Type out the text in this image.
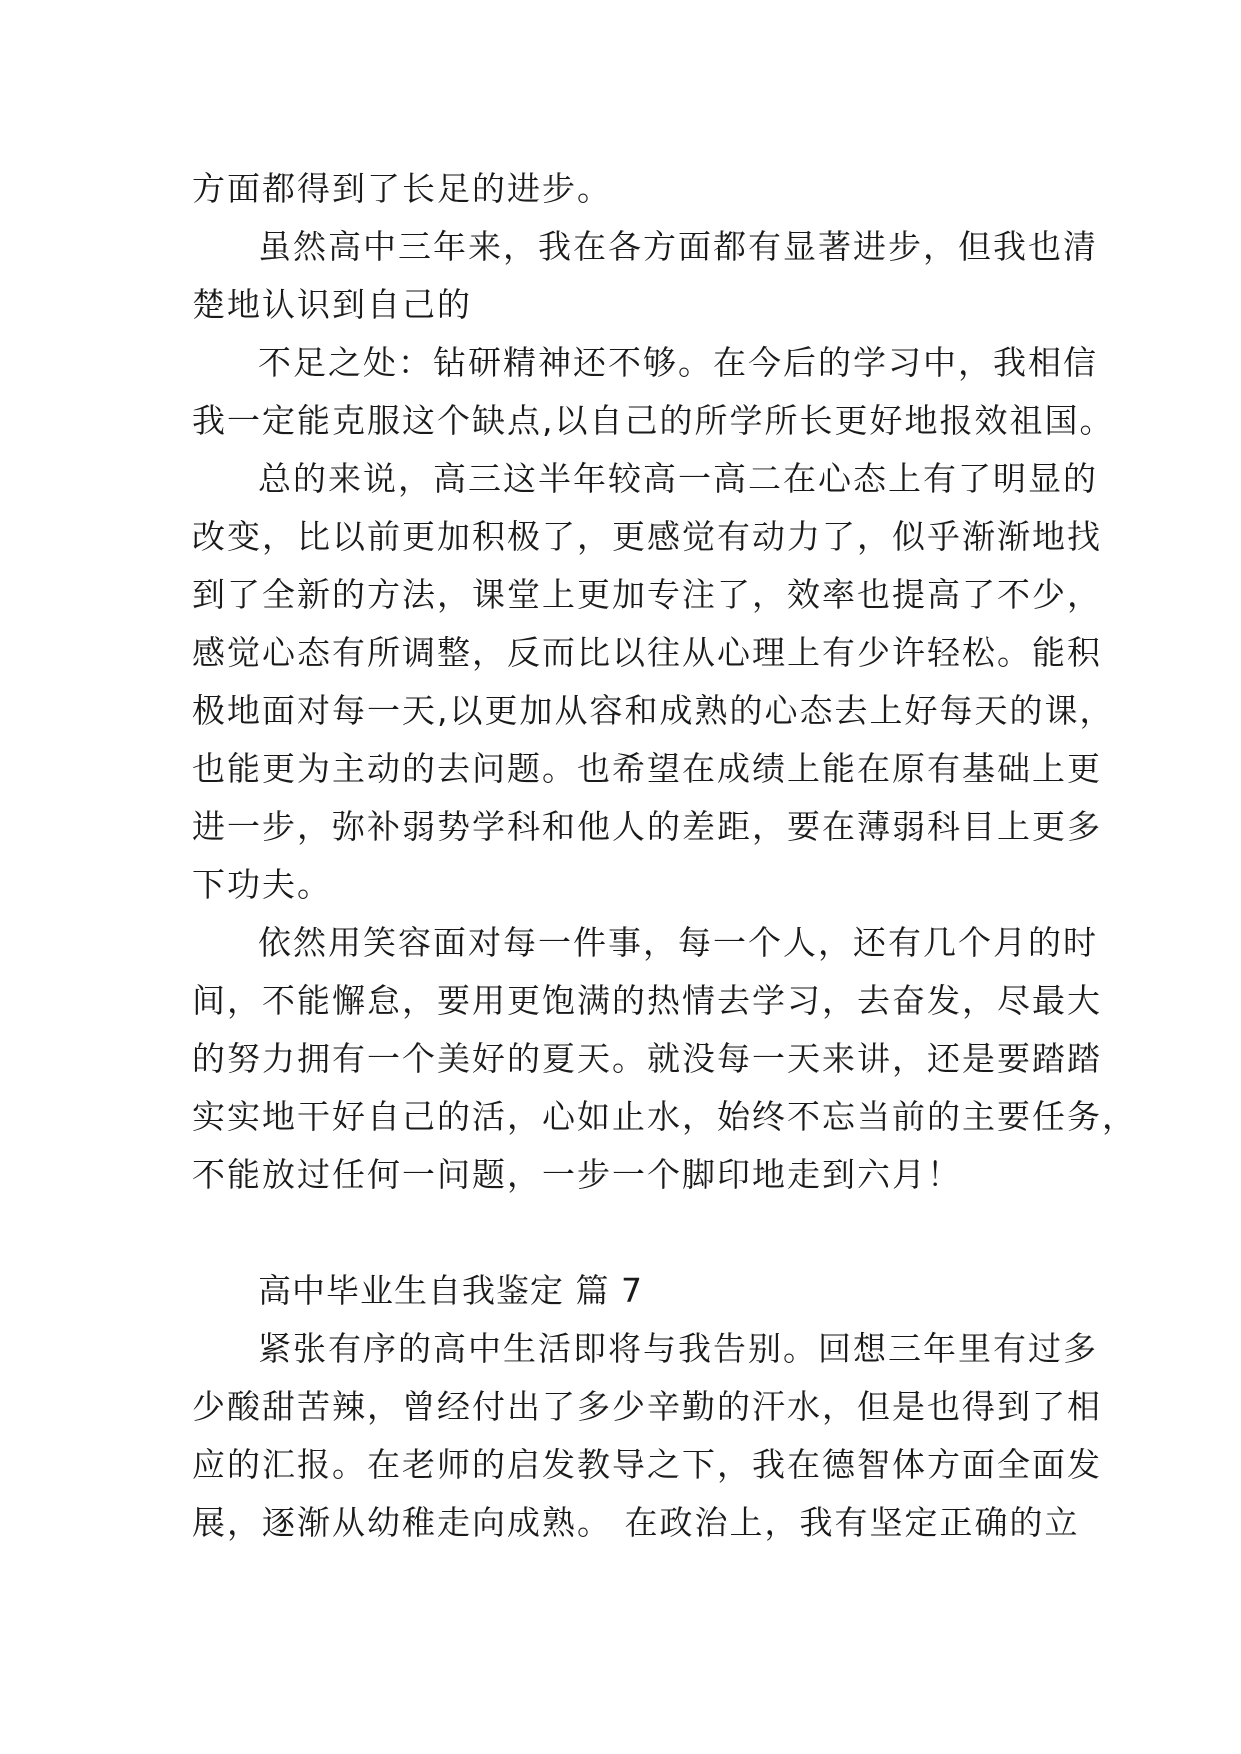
方面都得到了长足的进步。
虽然高中三年来，我在各方面都有显著进步，但我也清
楚地认识到自己的
不足之处：钻研精神还不够。在今后的学习中，我相信
我一定能克服这个缺点,以自己的所学所长更好地报效祖国。
总的来说，高三这半年较高一高二在心态上有了明显的
改变，比以前更加积极了，更感觉有动力了，似乎渐渐地找
到了全新的方法，课堂上更加专注了，效率也提高了不少，
感觉心态有所调整，反而比以往从心理上有少许轻松。能积
极地面对每一天,以更加从容和成熟的心态去上好每天的课，
也能更为主动的去问题。也希望在成绩上能在原有基础上更
进一步，弥补弱势学科和他人的差距，要在薄弱科目上更多
下功夫。
依然用笑容面对每一件事，每一个人，还有几个月的时
间，不能懈怠，要用更饱满的热情去学习，去奋发，尽最大
的努力拥有一个美好的夏天。就没每一天来讲，还是要踏踏
实实地干好自己的活，心如止水，始终不忘当前的主要任务，
不能放过任何一问题，一步一个脚印地走到六月！
高中毕业生自我鉴定 篇 7
紧张有序的高中生活即将与我告别。回想三年里有过多
少酸甜苦辣，曾经付出了多少辛勤的汗水，但是也得到了相
应的汇报。在老师的启发教导之下，我在德智体方面全面发
展，逐渐从幼稚走向成熟。 在政治上，我有坚定正确的立
